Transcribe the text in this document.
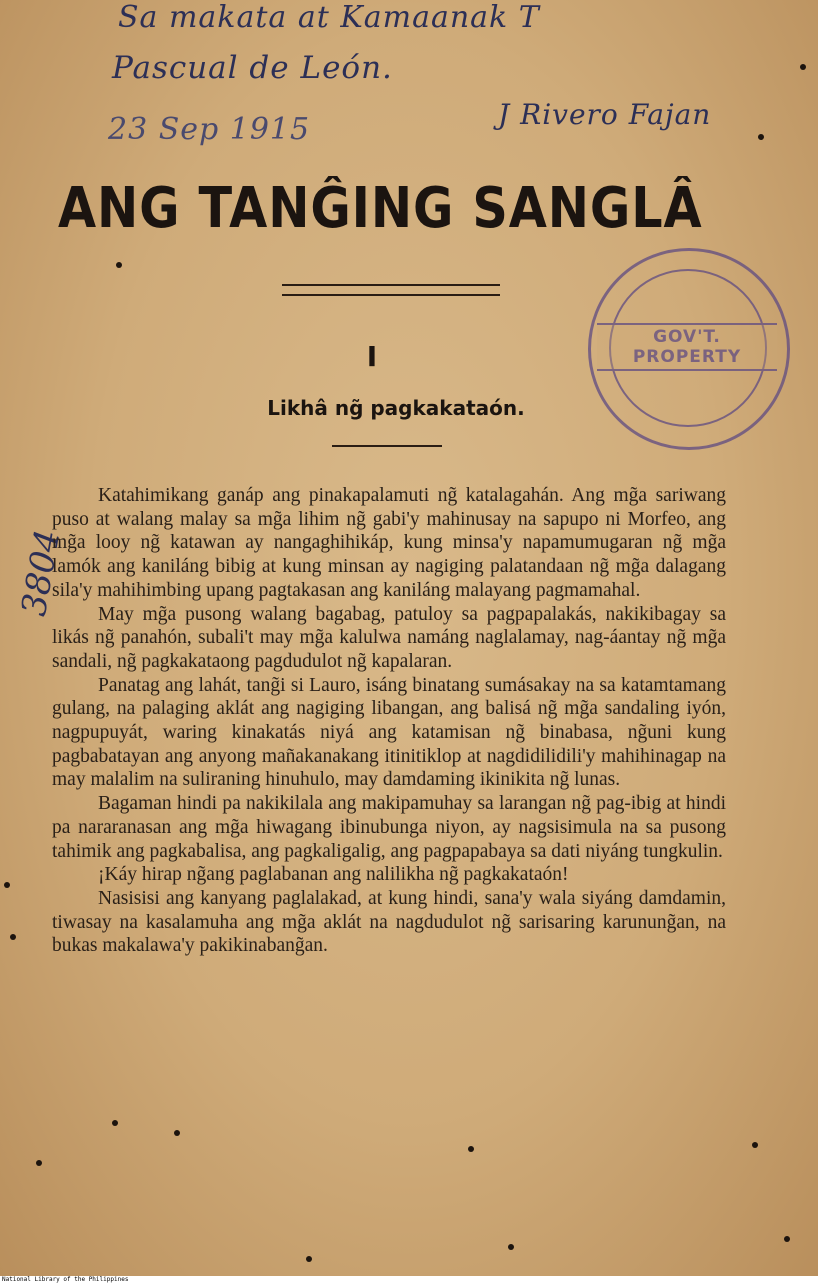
Sa makata at Kamaanak T
Pascual de León.
23 Sep 1915	J Rivero Fajan
ANG TANĜING SANGLÂ
GOV'T. PROPERTY
I
Likhâ ng̃ pagkakataón.
3804

Katahimikang ganáp ang pinakapalamuti ng̃ katalagahán. Ang mg̃a sariwang puso at walang malay sa mg̃a lihim ng̃ gabi'y mahinusay na sapupo ni Morfeo, ang mg̃a looy ng̃ katawan ay nangaghihikáp, kung minsa'y napamumugaran ng̃ mg̃a lamók ang kaniláng bibig at kung minsan ay nagiging palatandaan ng̃ mg̃a dalagang sila'y mahihimbing upang pagtakasan ang kaniláng malayang pagmamahal.

May mg̃a pusong walang bagabag, patuloy sa pagpapalakás, nakikibagay sa likás ng̃ panahón, subali't may mg̃a kalulwa namáng naglalamay, nag-áantay ng̃ mg̃a sandali, ng̃ pagkakataong pagdudulot ng̃ kapalaran.

Panatag ang lahát, tang̃i si Lauro, isáng binatang sumásakay na sa katamtamang gulang, na palaging aklát ang nagiging libangan, ang balisá ng̃ mg̃a sandaling iyón, nagpupuyát, waring kinakatás niyá ang katamisan ng̃ binabasa, ng̃uni kung pagbabatayan ang anyong mañakanakang itinitiklop at nagdidilidili'y mahihinagap na may malalim na suliraning hinuhulo, may damdaming ikinikita ng̃ lunas.

Bagaman hindi pa nakikilala ang makipamuhay sa larangan ng̃ pag-ibig at hindi pa nararanasan ang mg̃a hiwagang ibinubunga niyon, ay nagsisimula na sa pusong tahimik ang pagkabalisa, ang pagkaligalig, ang pagpapabaya sa dati niyáng tungkulin.

¡Káy hirap ng̃ang paglabanan ang nalilikha ng̃ pagkakataón!

Nasisisi ang kanyang paglalakad, at kung hindi, sana'y wala siyáng damdamin, tiwasay na kasalamuha ang mg̃a aklát na nagdudulot ng̃ sarisaring karunung̃an, na bukas makalawa'y pakikinabang̃an.

National Library of the Philippines
